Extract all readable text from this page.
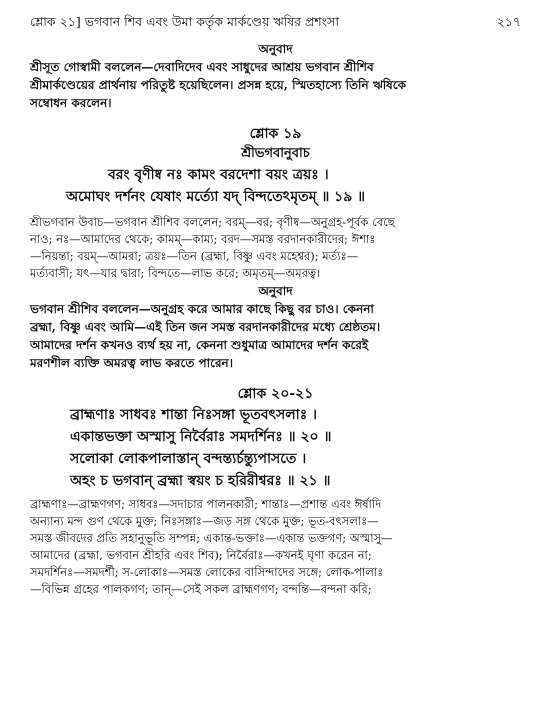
শ্লোক ২১] ভগবান শিব এবং উমা কর্তৃক মার্কণ্ডেয় ঋষির প্রশংসা	২১৭
অনুবাদ
শ্রীসূত গোস্বামী বললেন—দেবাদিদেব এবং সাধুদের আশ্রয় ভগবান শ্রীশিব
শ্রীমার্কণ্ডেয়ের প্রার্থনায় পরিতুষ্ট হয়েছিলেন। প্রসন্ন হয়ে, স্মিতহাস্যে তিনি ঋষিকে
সম্বোধন করলেন।
শ্লোক ১৯
শ্রীভগবানুবাচ
বরং বৃণীষ্ব নঃ কামং বরদেশা বয়ং ত্রয়ঃ ।
অমোঘং দর্শনং যেষাং মর্ত্যো যদ্ বিন্দতেঽমৃতম্ ॥ ১৯ ॥
শ্রীভগবান উবাচ—ভগবান শ্রীশিব বললেন; বরম্—বর; বৃণীষ্ব—অনুগ্রহ-পূর্বক বেছে
নাও; নঃ—আমাদের থেকে; কামম্—কাম্য; বরদ—সমস্ত বরদানকারীদের; ঈশাঃ
—নিয়ন্তা; বয়ম্—আমরা; ত্রয়ঃ—তিন (ব্রহ্মা, বিষ্ণু এবং মহেশ্বর); মর্ত্যঃ—
মর্ত্যবাসী; যৎ—যার দ্বারা; বিন্দতে—লাভ করে; অমৃতম্—অমরত্ব।
অনুবাদ
ভগবান শ্রীশিব বললেন—অনুগ্রহ করে আমার কাছে কিছু বর চাও। কেননা
ব্রহ্মা, বিষ্ণু এবং আমি—এই তিন জন সমস্ত বরদানকারীদের মধ্যে শ্রেষ্ঠতম।
আমাদের দর্শন কখনও ব্যর্থ হয় না, কেননা শুধুমাত্র আমাদের দর্শন করেই
মরণশীল ব্যক্তি অমরত্ব লাভ করতে পারেন।
শ্লোক ২০-২১
ব্রাহ্মণাঃ সাধবঃ শান্তা নিঃসঙ্গা ভূতবৎসলাঃ ।
একান্তভক্তা অস্মাসু নির্বৈরাঃ সমদর্শিনঃ ॥ ২০ ॥
সলোকা লোকপালাস্তান্ বন্দন্ত্যর্চন্ত্যুপাসতে ।
অহং চ ভগবান্ ব্রহ্মা স্বয়ং চ হরিরীশ্বরঃ ॥ ২১ ॥
ব্রাহ্মণাঃ—ব্রাহ্মণগণ; সাধবঃ—সদাচার পালনকারী; শান্তাঃ—প্রশান্ত এবং ঈর্ষাদি
অন্যান্য মন্দ গুণ থেকে মুক্ত; নিঃসঙ্গাঃ—জড় সঙ্গ থেকে মুক্ত; ভূত-বৎসলাঃ—
সমস্ত জীবদের প্রতি সহানুভূতি সম্পন্ন; একান্ত-ভক্তাঃ—একান্ত ভক্তগণ; অস্মাসু—
আমাদের (ব্রহ্মা, ভগবান শ্রীহরি এবং শিব); নির্বৈরাঃ—কখনই ঘৃণা করেন না;
সমদর্শিনঃ—সমদর্শী; স-লোকাঃ—সমস্ত লোকের বাসিন্দাদের সঙ্গে; লোক-পালাঃ
—বিভিন্ন গ্রহের পালকগণ; তান্—সেই সকল ব্রাহ্মণগণ; বন্দন্তি—বন্দনা করি;
